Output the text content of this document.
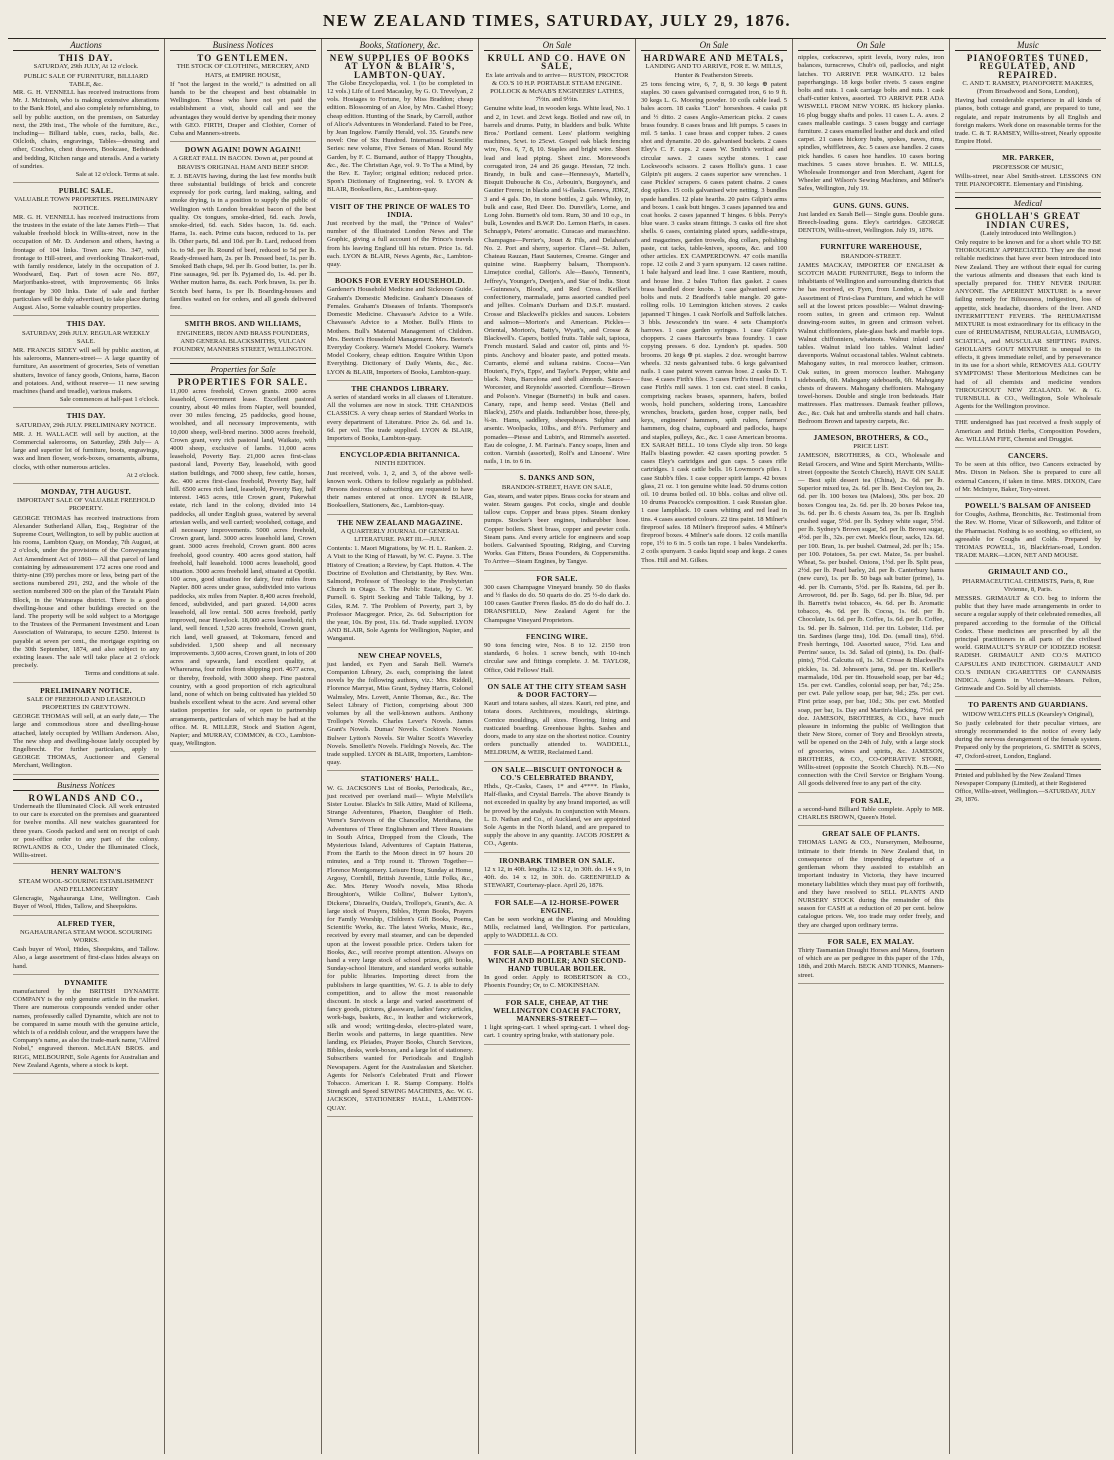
NEW ZEALAND TIMES, SATURDAY, JULY 29, 1876.
Auctions
THIS DAY.
SATURDAY, 29th JULY, At 12 o'clock.
PUBLIC SALE OF FURNITURE, BILLIARD TABLE, &c.

MR. G. H. VENNELL has received instructions from Mr. J. McIntosh, who is making extensive alterations to the Bank Hotel, and also completely refurnishing, to sell by public auction, on the premises, on Saturday next, the 29th inst., The whole of the furniture, &c., including— Billiard table, cues, racks, balls, &c. Oilcloth, chairs, engravings, Tables—dressing and other, Couches, chest drawers, Bookcase, Bedsteads and bedding, Kitchen range and utensils. And a variety of sundries.

Sale at 12 o'clock. Terms at sale.
PUBLIC SALE.
VALUABLE TOWN PROPERTIES. PRELIMINARY NOTICE.

MR. G. H. VENNELL has received instructions from the trustees in the estate of the late James Firth— That valuable freehold block in Willis-street, now in the occupation of Mr. D. Anderson and others, having a frontage of 104 links. Town acre No. 347, with frontage to Hill-street, and overlooking Tinakori-road, with family residence, lately in the occupation of J. Woodward, Esq. Part of town acre No. 897, Marjoribanks-street, with improvements; 66 links frontage by 300 links. Date of sale and further particulars will be duly advertised, to take place during August. Also, Some valuable country properties.

THIS DAY.
SATURDAY, 29th JULY. REGULAR WEEKLY SALE.

MR. FRANCIS SIDEY will sell by public auction, at his salerooms, Manners-street— A large quantity of furniture, An assortment of groceries, Sets of venetian shutters, Invoice of fancy goods, Onions, hams, Bacon and potatoes. And, without reserve— 11 new sewing machines (hand and treadle), various makers.

Sale commences at half-past 1 o'clock.
THIS DAY.
SATURDAY, 29th JULY. PRELIMINARY NOTICE.

MR. J. H. WALLACE will sell by auction, at the Commercial salerooms, on Saturday, 29th July— A large and superior lot of furniture, boots, engravings, wax and linen flower, work-boxes, ornaments, albums, clocks, with other numerous articles.

At 2 o'clock.
MONDAY, 7TH AUGUST.
IMPORTANT SALE OF VALUABLE FREEHOLD PROPERTY.

GEORGE THOMAS has received instructions from Alexander Sutherland Allan, Esq., Registrar of the Supreme Court, Wellington, to sell by public auction at his rooms, Lambton Quay, on Monday, 7th August, at 2 o'clock, under the provisions of the Conveyancing Act Amendment Act of 1860— All that parcel of land containing by admeasurement 172 acres one rood and thirty-nine (39) perches more or less, being part of the sections numbered 291, 292, and the whole of the section numbered 300 on the plan of the Taratahi Plain Block, in the Wairarapa district. There is a good dwelling-house and other buildings erected on the land. The property will be sold subject to a Mortgage to the Trustees of the Permanent Investment and Loan Association of Wairarapa, to secure £250. Interest is payable at seven per cent., the mortgage expiring on the 30th September, 1874, and also subject to any existing leases. The sale will take place at 2 o'clock precisely.

Terms and conditions at sale.
PRELIMINARY NOTICE.
SALE OF FREEHOLD AND LEASEHOLD PROPERTIES IN GREYTOWN.

GEORGE THOMAS will sell, at an early date,— The large and commodious store and dwelling-house attached, lately occupied by William Anderson. Also, The new shop and dwelling-house lately occupied by Engelbrecht. For further particulars, apply to GEORGE THOMAS, Auctioneer and General Merchant, Wellington.

Business Notices
ROWLANDS AND CO.,

Underneath the Illuminated Clock. All work entrusted to our care is executed on the premises and guaranteed for twelve months. All new watches guaranteed for three years. Goods packed and sent on receipt of cash or post-office order to any part of the colony. ROWLANDS & CO., Under the Illuminated Clock, Willis-street.

HENRY WALTON'S
STEAM WOOL-SCOURING ESTABLISHMENT AND FELLMONGERY

Glencragie, Ngahauranga Line, Wellington. Cash Buyer of Wool, Hides, Tallow, and Sheepskins.

ALFRED TYER,
NGAHAURANGA STEAM WOOL SCOURING WORKS.

Cash buyer of Wool, Hides, Sheepskins, and Tallow. Also, a large assortment of first-class hides always on hand.

DYNAMITE

manufactured by the BRITISH DYNAMITE COMPANY is the only genuine article in the market. There are numerous compounds vended under other names, professedly called Dynamite, which are not to be compared in same mouth with the genuine article, which is of a reddish colour, and the wrappers have the Company's name, as also the trade-mark name, "Alfred Nobel," engraved thereon. McLEAN BROS. and RIGG, MELBOURNE, Sole Agents for Australian and New Zealand Agents, where a stock is kept.

Business Notices
TO GENTLEMEN.
THE STOCK OF CLOTHING, MERCERY, AND HATS, at EMPIRE HOUSE,

If "not the largest in the world," is admitted on all hands to be the cheapest and best obtainable in Wellington. Those who have not yet paid the establishment a visit, should call and see the advantages they would derive by spending their money with GEO. FIRTH, Draper and Clothier, Corner of Cuba and Manners-streets.

DOWN AGAIN! DOWN AGAIN!!
A GREAT FALL IN BACON. Down at, per pound at BRAVIS'S ORIGINAL HAM AND BEEF SHOP.

E. J. BEAVIS having, during the last few months built three substantial buildings of brick and concrete expressly for pork curing, lard making, salting, and smoke drying, is in a position to supply the public of Wellington with London breakfast bacon of the best quality. Ox tongues, smoke-dried, 6d. each. Jowls, smoke-dried, 6d. each. Sides bacon, 1s. 6d. each. Hams, 1s. each. Prime cuts bacon, reduced to 1s. per lb. Other parts, 8d. and 10d. per lb. Lard, reduced from 1s. to 9d. per lb. Round of beef, reduced to 5d per lb. Ready-dressed ham, 2s. per lb. Pressed beef, 1s. per lb. Smoked Bath chaps, 9d. per lb. Good butter, 1s. per lb. Fine sausages, 9d. per lb. Pyjamed do, 1s. 4d. per lb. Wether mutton hams, 8s. each. Pork brawn, 1s. per lb. Scotch beef hams, 1s per lb. Boarding-houses and families waited on for orders, and all goods delivered free.

SMITH BROS. AND WILLIAMS,
ENGINEERS, IRON AND BRASS FOUNDERS, AND GENERAL BLACKSMITHS, VULCAN FOUNDRY, MANNERS STREET, WELLINGTON.
Properties for Sale
PROPERTIES FOR SALE.

11,000 acres freehold, Crown grants. 2000 acres leasehold, Government lease. Excellent pastoral country, about 40 miles from Napier, well bounded, over 30 miles fencing, 25 paddocks, good house, woolshed, and all necessary improvements, with 10,000 sheep, well-bred merino. 3000 acres freehold, Crown grant, very rich pastoral land, Waikato, with 4000 sheep, exclusive of lambs. 11,000 acres leasehold, Poverty Bay. 21,000 acres first-class pastoral land, Poverty Bay, leasehold, with good station buildings, and 7000 sheep, few cattle, horses, &c. 400 acres first-class freehold, Poverty Bay, half hill. 6500 acres rich land, leasehold, Poverty Bay, half interest. 1463 acres, title Crown grant, Pukewhai estate, rich land in the colony, divided into 14 paddocks, all under English grass, watered by several artesian wells, and well carried; woolshed, cottage, and all necessary improvements. 5000 acres freehold, Crown grant, land. 3000 acres leasehold land, Crown grant. 3000 acres freehold, Crown grant. 800 acres freehold, good country. 400 acres good station, half freehold, half leasehold. 1000 acres leasehold, good situation. 3000 acres freehold land, situated at Opotiki. 100 acres, good situation for dairy, four miles from Napier. 800 acres under grass, subdivided into various paddocks, six miles from Napier. 8,400 acres freehold, fenced, subdivided, and part grazed. 14,000 acres leasehold, all low rental. 500 acres freehold, partly improved, near Havelock. 18,000 acres leasehold, rich land, well fenced. 1,520 acres freehold, Crown grant, rich land, well grassed, at Tokomaru, fenced and subdivided. 1,500 sheep and all necessary improvements. 3,600 acres, Crown grant, in lots of 200 acres and upwards, land excellent quality, at Wharerama, four miles from shipping port. 4677 acres, or thereby, freehold, with 3000 sheep. Fine pastoral country, with a good proportion of rich agricultural land, none of which on being cultivated has yielded 50 bushels excellent wheat to the acre. And several other station properties for sale, or open to partnership arrangements, particulars of which may be had at the office. M. R. MILLER, Stock and Station Agent, Napier; and MURRAY, COMMON, & CO., Lambton-quay, Wellington.

Books, Stationery, &c.
NEW SUPPLIES OF BOOKS AT LYON & BLAIR'S, LAMBTON-QUAY.

The Globe Encyclopædia, vol. 1 (to be completed in 12 vols.) Life of Lord Macaulay, by G. O. Trevelyan, 2 vols. Hostages to Fortune, by Miss Braddon; cheap edition. Blossoming of an Aloe, by Mrs. Cashel Hoey; cheap edition. Hunting of the Snark, by Carroll, author of Alice's Adventures in Wonderland. Fated to be Free, by Jean Ingelow. Family Herald, vol. 35. Grand's new novel: One of Six Hundred. International Scientific Series: new volume, Five Senses of Man. Round My Garden, by F. C. Burnand, author of Happy Thoughts, &c., &c. The Christian Age, vol. 9. To Tha a Mind, by the Rev. E. Taylor; original edition; reduced price. Spon's Dictionary of Engineering, vol. 9. LYON & BLAIR, Booksellers, &c., Lambton-quay.

VISIT OF THE PRINCE OF WALES TO INDIA.

Just received by the mail, the "Prince of Wales" number of the Illustrated London News and The Graphic, giving a full account of the Prince's travels from his leaving England till his return. Price 1s. 6d. each. LYON & BLAIR, News Agents, &c., Lambton-quay.

BOOKS FOR EVERY HOUSEHOLD.

Gardener's Household Medicine and Sickroom Guide. Graham's Domestic Medicine. Graham's Diseases of Females. Graham's Diseases of Infants. Thompson's Domestic Medicine. Chavasse's Advice to a Wife. Chavasse's Advice to a Mother. Bull's Hints to Mothers. Bull's Maternal Management of Children. Mrs. Beeton's Household Management. Mrs. Beeton's Everyday Cookery. Warne's Model Cookery. Warne's Model Cookery, cheap edition. Enquire Within Upon Everything. Dictionary of Daily Wants, &c., &c. LYON & BLAIR, Importers of Books, Lambton-quay.

THE CHANDOS LIBRARY.

A series of standard works in all classes of Literature. All the volumes are now in stock. THE CHANDOS CLASSICS. A very cheap series of Standard Works in every department of Literature. Price 2s. 6d. and 1s. 6d. per vol. The trade supplied. LYON & BLAIR, Importers of Books, Lambton-quay.

ENCYCLOPÆDIA BRITANNICA.
NINTH EDITION.

Just received, vols. 1, 2, and 3, of the above well-known work. Others to follow regularly as published. Persons desirous of subscribing are requested to have their names entered at once. LYON & BLAIR, Booksellers, Stationers, &c., Lambton-quay.

THE NEW ZEALAND MAGAZINE.
A QUARTERLY JOURNAL OF GENERAL LITERATURE. PART III.—JULY.

Contents: 1. Maori Migrations, by W. H. L. Ranken. 2. A Visit to the King of Hawaii, by W. C. Payne. 3. The History of Creation; a Review, by Capt. Hutton. 4. The Doctrine of Evolution and Christianity, by Rev. Wm. Salmond, Professor of Theology to the Presbyterian Church in Otago. 5. The Public Estate, by C. W. Purnell. 6. Spirit Seeking and Table Talking, by J. Giles, R.M. 7. The Problem of Poverty, part 3, by Professor Macgregor. Price, 2s. 6d. Subscription for the year, 10s. By post, 11s. 6d. Trade supplied. LYON AND BLAIR, Sole Agents for Wellington, Napier, and Wanganui.

NEW CHEAP NOVELS,

just landed, ex Fyen and Sarah Bell. Warne's Companion Library, 2s. each, comprising the latest novels by the following authors, viz.: Mrs. Riddell, Florence Marryat, Miss Grant, Sydney Harris, Colonel Walmsley, Mrs. Lovett, Annie Thomas, &c., &c. The Select Library of Fiction, comprising about 300 volumes by all the well-known authors. Anthony Trollope's Novels. Charles Lever's Novels. James Grant's Novels. Dumas' Novels. Cockton's Novels. Bulwer Lytton's Novels. Sir Walter Scott's Waverley Novels. Smollett's Novels. Fielding's Novels, &c. The trade supplied. LYON & BLAIR, Importers, Lambton-quay.

STATIONERS' HALL.

W. G. JACKSON'S List of Books, Periodicals, &c., just received per overland mail— Whyte Melville's Sister Louise. Black's In Silk Attire, Maid of Killeena, Strange Adventures, Phaeton, Daughter of Heth. Verne's Survivors of the Chancellor, Meridiana, the Adventures of Three Englishmen and Three Russians in South Africa, Dropped from the Clouds, The Mysterious Island, Adventures of Captain Hatteras, From the Earth to the Moon direct in 97 hours 20 minutes, and a Trip round it. Thrown Together—Florence Montgomery. Leisure Hour, Sunday at Home, Argosy, Cornhill, British Juvenile, Little Folks, &c., &c. Mrs. Henry Wood's novels, Miss Rhoda Broughton's, Wilkie Collins', Bulwer Lytton's, Dickens', Disraeli's, Ouida's, Trollope's, Grant's, &c. A large stock of Prayers, Bibles, Hymn Books, Prayers for Family Worship, Children's Gift Books, Poems, Scientific Works, &c. The latest Works, Music, &c., received by every mail steamer, and can be depended upon at the lowest possible price. Orders taken for Books, &c., will receive prompt attention. Always on hand a very large stock of school prizes, gift books, Sunday-school literature, and standard works suitable for public libraries. Importing direct from the publishers in large quantities, W. G. J. is able to defy competition, and to allow the most reasonable discount. In stock a large and varied assortment of fancy goods, pictures, glassware, ladies' fancy articles, work-bags, baskets, &c., in leather and wickerwork, silk and wood; writing-desks, electro-plated ware, Berlin wools and patterns, in large quantities. New landing, ex Pleiades, Prayer Books, Church Services, Bibles, desks, work-boxes, and a large lot of stationery. Subscribers wanted for Periodicals and English Newspapers. Agent for the Australasian and Sketcher. Agents for Nelson's Celebrated Fruit and Flower Tobacco. American I. R. Stamp Company. Holt's Strength and Speed SEWING MACHINES, &c. W. G. JACKSON, STATIONERS' HALL, LAMBTON-QUAY.

On Sale
KRULL AND CO. HAVE ON SALE,
Ex late arrivals and to arrive— RUSTON, PROCTOR & CO.'S 10 H.P. PORTABLE STEAM ENGINE. POLLOCK & McNAB'S ENGINEERS' LATHES, 7½in. and 9½in.

Genuine white lead, in wooden kegs. White lead, No. 1 and 2, in 1cwt. and 2cwt kegs. Boiled and raw oil, in barrels and drums. Putty, in bladders and bulk. White Bros.' Portland cement. Lees' platform weighing machines, 5cwt. to 25cwt. Gospel oak black fencing wire, Nos. 6, 7, 8, 10. Staples and bright wire. Sheet lead and lead piping. Sheet zinc. Morewood's corrugated iron, 24 and 26 gauge. Hessian, 72 inch. Brandy, in bulk and case—Hennessy's, Martell's, Bisquit Dubouche & Co., Arbouin's, Burgoyne's, and Gautier Freres; in blacks and ¼-flasks. Geneva, JDKZ, 3 and 4 gals. Do, in stone bottles, 2 gals. Whisky, in bulk and case, Red Deer. Do. Dunville's, Lorne, and Long John. Burnett's old tom. Rum, 30 and 10 o.p., in bulk, Lowndes and B.W.P. Do. Lemon Hart's, in cases. Schnapp's, Peters' aromatic. Curacao and maraschino. Champagne—Perrier's, Jouet & Fils, and Delahaut's No. 2. Port and sherry, superior. Claret—St. Julien, Chateau Rauzan, Haut Sauternes, Cresme. Ginger and quinine wine. Raspberry balsam, Thompson's. Limejuice cordial, Gillon's. Ale—Bass's, Tennent's, Jeffrey's, Younger's, Deetjen's, and Star of India. Stout—Guinness's, Blood's, and Red Cross. Keiller's confectionery, marmalade, jams assorted candied peel and jellies. Colman's Durham and D.S.F. mustard. Crosse and Blackwell's pickles and sauces. Lobsters and salmon—Morton's and American. Pickles—Oriental, Morton's, Batty's, Wyatt's, and Crosse & Blackwell's. Capers, bottled fruits. Table salt, tapioca, French mustard. Salad and castor oil, pints and ½-pints. Anchovy and bloater paste, and potted meats. Currants, elemé and sultana raisins. Cocoa—Van Houten's, Fry's, Epps', and Taylor's. Pepper, white and black. Nuts, Barcelona and shell almonds. Sauce—Worcester, and Reynolds' assorted. Cornflour—Brown and Polson's. Vinegar (Burnett's) in bulk and cases. Canary, rape, and hemp seed. Vestas (Bell and Black's), 250's and plaids. Indiarubber hose, three-ply, ¾-in. Hams, saddlery, sheepshears. Sulphur and arsenic. Woolpacks, 10lbs., and 8½'s. Perfumery and pomades—Piesse and Lubin's, and Rimmel's assorted. Eau de cologne, J. M. Farina's. Fancy soaps, linen and cotton. Varnish (assorted), Rolf's and Linoens'. Wire nails, 1 in. to 6 in.

S. DANKS AND SON,
BRANDON-STREET, HAVE ON SALE,

Gas, steam, and water pipes. Brass cocks for steam and water. Steam gauges. Pot cocks, single and double tallow cups. Copper and brass pipes. Steam donkey pumps. Stocker's beer engines, indiarubber hose. Copper boilers. Sheet brass, copper and pewter coils. Steam pans. And every article for engineers and soap boilers. Galvanised Spouting, Ridging, and Curving Works. Gas Fitters, Brass Founders, & Coppersmiths. To Arrive—Steam Engines, by Tangye.

FOR SALE.

300 cases Champagne Vineyard brandy. 50 do flasks and ½ flasks do do. 50 quarts do do. 25 ½-do dark do. 100 cases Gautier Freres flasks. 85 do do do half do. J. DRANSFIELD, New Zealand Agent for the Champagne Vineyard Proprietors.

FENCING WIRE.

90 tons fencing wire, Nos. 8 to 12. 2150 tron standards, 6 holes. 1 screw bench, with 10-inch circular saw and fittings complete. J. M. TAYLOR, Office, Odd Fellows' Hall.

ON SALE AT THE CITY STEAM SASH & DOOR FACTORY—

Kauri and totara sashes, all sizes. Kauri, red pine, and totara doors. Architraves, mouldings, skirtings. Cornice mouldings, all sizes. Flooring, lining and rusticated boarding. Greenhouse lights. Sashes and doors, made to any size on the shortest notice. Country orders punctually attended to. WADDELL, MELDRUM, & WEIR, Reclaimed Land.

ON SALE—BISCUIT ONTONOCH & CO.'S CELEBRATED BRANDY,

Hhds., Qr.-Casks, Cases, 1* and 4****. In Flasks, Half-flasks, and Crystal Barrels. The above Brandy is not exceeded in quality by any brand imported, as will be proved by the analysis. In conjunction with Messrs. L. D. Nathan and Co., of Auckland, we are appointed Sole Agents in the North Island, and are prepared to supply the above in any quantity. JACOB JOSEPH & CO., Agents.

IRONBARK TIMBER ON SALE.

12 x 12, in 40ft. lengths. 12 x 12, in 30ft. do. 14 x 9, in 40ft. do. 14 x 12, in 30ft. do. GREENFIELD & STEWART, Courtenay-place. April 26, 1876.

FOR SALE—A 12-HORSE-POWER ENGINE.

Can be seen working at the Planing and Moulding Mills, reclaimed land, Wellington. For particulars, apply to WADDELL & CO.

FOR SALE—A PORTABLE STEAM WINCH AND BOILER; AND SECOND-HAND TUBULAR BOILER.

In good order. Apply to ROBERTSON & CO., Phoenix Foundry; Or, to C. MOKINSHAN.

FOR SALE, CHEAP, AT THE WELLINGTON COACH FACTORY, MANNERS-STREET—

1 light spring-cart. 1 wheel spring-cart. 1 wheel dog-cart. 1 country spring brake, with stationary pole.

On Sale
HARDWARE AND METALS,
LANDING AND TO ARRIVE, FOR E. W. MILLS, Hunter & Featherston Streets.

25 tons fencing wire, 6, 7, 8, 9. 30 kegs ⊕ patent staples. 30 cases galvanised corrugated iron, 6 to 9 ft. 30 kegs L. G. Mooring powder. 10 coils cable lead. 5 bales acorn. 18 casks "Lion" horseshoes. 4 casks pit and ½ ditto. 2 cases Anglo-American picks. 2 cases brass foundry. 8 cases brass and lift pumps. 5 cases in mil. 5 tanks. 1 case brass and copper tubes. 2 cases shot and dynamite. 20 do. galvanised buckets. 2 cases Eley's C. F. caps. 2 cases W. Smith's vertical and circular saws. 2 cases scythe stones. 1 case Lockwood's scissors. 2 cases Hollis's guns. 1 case Gilpin's pit augers. 2 cases superior saw wrenches. 1 case Pickles' scrapers. 6 cases patent chains. 2 cases dog spikes. 15 coils galvanised wire netting. 3 bundles spade handles. 12 plate hearths. 20 pairs Gilpin's arms and boxes. 1 cask butt hinges. 3 cases japanned tea and coat hooks. 2 cases japanned T hinges. 6 bbls. Perry's blue ware. 3 casks steam fittings. 3 casks oil fire shot shells. 6 cases, containing plated spurs, saddle-straps, and magazines, garden trowels, dog collars, polishing paste, cut tacks, table-knives, spoons, &c. and 100 other articles. EX CAMPERDOWN. 47 coils manilla rope. 12 coils 2 and 3 yarn spunyarn. 12 cases rattine. 1 bale halyard and lead line. 1 case Rantiere, mouth, and house line. 2 bales Tufton flax gasket. 2 cases brass handled door knobs. 1 case galvanised screw bolts and nuts. 2 Bradford's table mangle. 20 gate-rolling rolls. 10 Lemington kitchen stoves. 2 casks japanned T hinges. 1 cask Norfolk and Suffolk latches. 3 bbls. Jewsconde's tin ware. 4 sets Champion's harrows. 1 case garden syringes. 1 case Gilpin's choppers. 2 cases Harcourt's brass foundry. 1 case copying presses. 6 doz. Lyndon's pt. spades. 500 brooms. 20 kegs ⊕ pt. staples. 2 doz. wrought barrow wheels. 32 nests galvanised tubs. 6 kegs galvanised nails. 1 case patent woven canvas hose. 2 casks D. T. fuse. 4 cases Firth's files. 3 cases Firth's tinsel fruits. 1 case Firth's mill saws. 1 ton cst. cast steel. 8 casks, comprising rackes brases, spanners, hafers, boiled wools, hold punchers, soldering irons, Lancashire wrenches, brackets, garden hose, copper nails, bed keys, engineers' hammers, spilt rulers, farmers' hammers, dog chains, cupboard and padlocks, hasps and staples, pulleys, &c., &c. 1 case American brooms. EX SARAH BELL. 10 tons Clyde slip iron. 50 kegs Hall's blasting powder. 42 cases sporting powder. 5 cases Eley's cartridges and gun caps. 5 cases rifle cartridges. 1 cask cattle bells. 16 Lowmoor's piles. 1 case Stubb's files. 1 case copper spirit lamps. 42 boxes glass, 21 oz. 1 ton genuine white lead. 50 drums cotton oil. 10 drums boiled oil. 10 bbls. coltas and olive oil. 10 drums Peacock's composition. 1 cask Russian glue. 1 case lampblack. 10 cases whiting and red lead in tins. 4 cases assorted colours. 22 tins paint. 18 Milner's fireproof safes. 18 Milner's fireproof safes. 4 Milner's fireproof boxes. 4 Milner's safe doors. 12 coils manilla rope, 1½ to 6 in. 5 coils tan rope. 1 bales Vandekerfts. 2 coils spunyarn. 3 casks liquid soap and kegs. 2 cases Thos. Hill and M. Gilkes.

On Sale

nipples, corkscrews, spirit levels, ivory rules, iron balances, turnscrews, Chub's oil, padlocks, and night latches. TO ARRIVE PER WAIKATO. 12 bales paperhangings. 18 kegs boiler rivets. 5 cases engine bolts and nuts. 1 cask carriage bolts and nuts. 1 cask chaff-cutter knives, assorted. TO ARRIVE PER ADA WISWELL FROM NEW YORK. 85 hickory planks. 16 plug buggy shafts and poles. 11 cases L. A. axes. 2 cases malleable castings. 3 cases buggy and carriage furniture. 2 cases enamelled leather and duck and oiled carpet. 21 cases hickory hubs, spokes, naves, rims, spindles, whiffletrees, &c. 5 cases axe handles. 2 cases pick handles. 6 cases hoe handles. 10 cases boring machines. 5 cases stove brushes. E. W. MILLS, Wholesale Ironmonger and Iron Merchant, Agent for Wheeler and Wilson's Sewing Machines, and Milner's Safes, Wellington, July 19.

GUNS. GUNS. GUNS.

Just landed ex Sarah Bell— Single guns. Double guns. Breech-loading guns. Eley's cartridges. GEORGE DENTON, Willis-street, Wellington. July 19, 1876.

FURNITURE WAREHOUSE,
BRANDON-STREET.

JAMES MACKAY, IMPORTER OF ENGLISH & SCOTCH MADE FURNITURE, Begs to inform the inhabitants of Wellington and surrounding districts that he has received, ex Fyen, from London, a Choice Assortment of First-class Furniture, and which he will sell at the lowest prices possible:— Walnut drawing-room suites, in green and crimson rep. Walnut drawing-room suites, in green and crimson velvet. Walnut chiffonniers, plate-glass back and marble tops. Walnut chiffonniers, whatnots. Walnut inlaid card tables. Walnut inlaid loo tables. Walnut ladies' davenports. Walnut occasional tables. Walnut cabinets. Mahogany suites, in real morocco leather, crimson. Oak suites, in green morocco leather. Mahogany sideboards, 6ft. Mahogany sideboards, 6ft. Mahogany chests of drawers. Mahogany cheffoniers. Mahogany towel-horses. Double and single iron bedsteads. Hair mattresses. Flax mattresses. Damask feather pillows, &c., &c. Oak hat and umbrella stands and hall chairs. Bedroom Brown and tapestry carpets, &c.

JAMESON, BROTHERS, & CO.,
PRICE LIST.

JAMESON, BROTHERS, & CO., Wholesale and Retail Grocers, and Wine and Spirit Merchants, Willis-street (opposite the Scotch Church), HAVE ON SALE— Best split dessert tea (China), 2s. 6d. per lb. Superior mixed tea, 2s. 6d. per lb. Best Ceylon tea, 2s. 6d. per lb. 100 boxes tea (Maloes), 30s. per box. 20 boxes Congou tea, 2s. 6d. per lb. 20 boxes Pekoe tea, 3s. 6d. per lb. 6 chests Assam tea, 3s. per lb. English crushed sugar, 5½d. per lb. Sydney white sugar, 5½d. per lb. Sydney's Brown sugar, 5d. per lb. Brown sugar, 4½d. per lb., 32s. per cwt. Meek's flour, sacks, 12s. 6d. per 100. Bran, 1s. per bushel. Oatmeal, 2d. per lb.; 15s. per 100. Potatoes, 5s. per cwt. Maize, 5s. per bushel. Wheat, 5s. per bushel. Onions, 1½d. per lb. Split peas, 2½d. per lb. Pearl barley, 2d. per lb. Canterbury hams (new cure), 1s. per lb. 50 bags salt butter (prime), 1s. 4d. per lb. Currants, 5½d. per lb. Raisins, 6d. per lb. Arrowroot, 8d. per lb. Sago, 6d. per lb. Blue, 9d. per lb. Barrett's twist tobacco, 4s. 6d. per lb. Aromatic tobacco, 4s. 6d. per lb. Cocoa, 1s. 6d. per lb. Chocolate, 1s. 6d. per lb. Coffee, 1s. 6d. per lb. Coffee, 1s. 9d. per lb. Salmon, 11d. per tin. Lobster, 11d. per tin. Sardines (large tins), 10d. Do. (small tins), 6½d. Fresh herrings, 10d. Assorted sauce, 7½d. Lea and Perrins' sauce, 1s. 3d. Salad oil (pints), 1s. Do. (half-pints), 7½d. Calcutta oil, 1s. 3d. Crosse & Blackwell's pickles, 1s. 3d. Johnson's jams, 9d. per tin. Keiller's marmalade, 10d. per tin. Household soap, per bar 4d.; 15s. per cwt. Candles, colonial soap, per bar, 7d.; 25s. per cwt. Pale yellow soap, per bar, 9d.; 25s. per cwt. First prize soap, per bar, 10d.; 30s. per cwt. Mottled soap, per bar, 1s. Day and Martin's blacking, 7½d. per doz. JAMESON, BROTHERS, & CO., have much pleasure in informing the public of Wellington that their New Store, corner of Tory and Brooklyn streets, will be opened on the 24th of July, with a large stock of groceries, wines and spirits, &c. JAMESON, BROTHERS, & CO., CO-OPERATIVE STORE, Willis-street (opposite the Scotch Church). N.B.—No connection with the Civil Service or Brigham Young. All goods delivered free to any part of the city.

FOR SALE,

a second-hand Billiard Table complete. Apply to MR. CHARLES BROWN, Queen's Hotel.

GREAT SALE OF PLANTS.

THOMAS LANG & CO., Nurserymen, Melbourne, intimate to their friends in New Zealand that, in consequence of the impending departure of a gentleman whom they assisted to establish an important industry in Victoria, they have incurred monetary liabilities which they must pay off forthwith, and they have resolved to SELL PLANTS AND NURSERY STOCK during the remainder of this season for CASH at a reduction of 20 per cent. below catalogue prices. We, too trade may order freely, and they are charged upon ordinary terms.

FOR SALE, EX MALAY.

Thirty Tasmanian Draught Horses and Mares, fourteen of which are as per pedigree in this paper of the 17th, 18th, and 20th March. BECK AND TONKS, Manners-street.

Music
PIANOFORTES TUNED, REGULATED, AND REPAIRED.
C. AND T. RAMSEY, PIANOFORTE MAKERS, (From Broadwood and Sons, London),

Having had considerable experience in all kinds of pianos, both cottage and grand, are prepared to tune, regulate, and repair instruments by all English and foreign makers. Work done on reasonable terms for the trade. C. & T. RAMSEY, Willis-street, Nearly opposite Empire Hotel.

MR. PARKER,
PROFESSOR OF MUSIC,

Willis-street, near Abel Smith-street. LESSONS ON THE PIANOFORTE. Elementary and Finishing.

Medical
GHOLLAH'S GREAT INDIAN CURES,
(Lately introduced into Wellington.)

Only require to be known and for a short while TO BE THOROUGHLY APPRECIATED. They are the most reliable medicines that have ever been introduced into New Zealand. They are without their equal for curing the various ailments and diseases that each kind is specially prepared for. THEY NEVER INJURE ANYONE. The APERIENT MIXTURE is a never failing remedy for Biliousness, indigestion, loss of appetite, sick headache, disorders of the liver. AND INTERMITTENT FEVERS. The RHEUMATISM MIXTURE is most extraordinary for its efficacy in the cure of RHEUMATISM, NEURALGIA, LUMBAGO, SCIATICA, and MUSCULAR SHIFTING PAINS. GHOLLAH'S GOUT MIXTURE is unequal to its effects, it gives immediate relief, and by perseverance in its use for a short while, REMOVES ALL GOUTY SYMPTOMS! These Meritorious Medicines can be had of all chemists and medicine vendors THROUGHOUT NEW ZEALAND. W. & G. TURNBULL & CO., Wellington, Sole Wholesale Agents for the Wellington province.

THE undersigned has just received a fresh supply of American and British Herbs, Composition Powders, &c. WILLIAM FIFE, Chemist and Druggist.

CANCERS.

To be seen at this office, two Cancers extracted by Mrs. Dixon in Nelson. She is prepared to cure all external Cancers, if taken in time. MRS. DIXON, Care of Mr. McIntyre, Baker, Tory-street.

POWELL'S BALSAM OF ANISEED

for Coughs, Asthma, Bronchitis, &c. Testimonial from the Rev. W. Horne, Vicar of Silksworth, and Editor of the Pharmacist. Nothing is so soothing, so efficient, so agreeable for Coughs and Colds. Prepared by THOMAS POWELL, 16, Blackfriars-road, London. TRADE MARK—LION, NET AND MOUSE.

GRIMAULT AND CO.,
PHARMACEUTICAL CHEMISTS, Paris, 8, Rue Vivienne, 8, Paris.

MESSRS. GRIMAULT & CO. beg to inform the public that they have made arrangements in order to secure a regular supply of their celebrated remedies, all prepared according to the formulæ of the Official Codex. These medicines are prescribed by all the principal practitioners in all parts of the civilised world. GRIMAULT'S SYRUP OF IODIZED HORSE RADISH. GRIMAULT AND CO.'S MATICO CAPSULES AND INJECTION. GRIMAULT AND CO.'S INDIAN CIGARETTES OF CANNABIS INDICA. Agents in Victoria—Messrs. Felton, Grimwade and Co. Sold by all chemists.

TO PARENTS AND GUARDIANS.
WIDOW WELCH'S PILLS (Kearsley's Original),

So justly celebrated for their peculiar virtues, are strongly recommended to the notice of every lady during the nervous derangement of the female system. Prepared only by the proprietors, G. SMITH & SONS, 47, Oxford-street, London, England.

Printed and published by the New Zealand Times Newspaper Company (Limited), at their Registered Office, Willis-street, Wellington.—SATURDAY, JULY 29, 1876.
